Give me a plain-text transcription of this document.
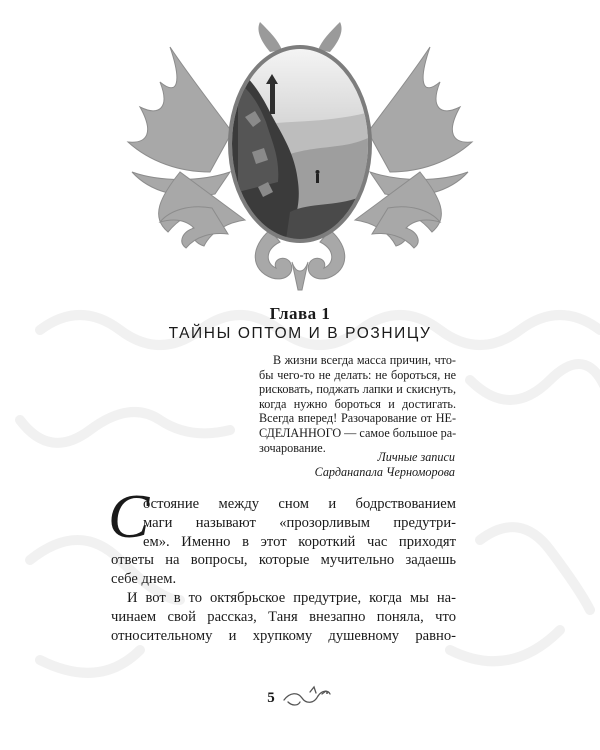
Глава 1
ТАЙНЫ ОПТОМ И В РОЗНИЦУ
В жизни всегда масса причин, что-
бы чего-то не делать: не бороться, не
рисковать, поджать лапки и скиснуть,
когда нужно бороться и достигать.
Всегда вперед! Разочарование от НЕ-
СДЕЛАННОГО — самое большое ра-
зочарование.
Личные записи
Сарданапала Черноморова
С
остояние между сном и бодрствованием
маги называют «прозорливым предутри-
ем». Именно в этот короткий час приходят
ответы на вопросы, которые мучительно задаешь
себе днем.
И вот в то октябрьское предутрие, когда мы на-
чинаем свой рассказ, Таня внезапно поняла, что
относительному и хрупкому душевному равно-
5
